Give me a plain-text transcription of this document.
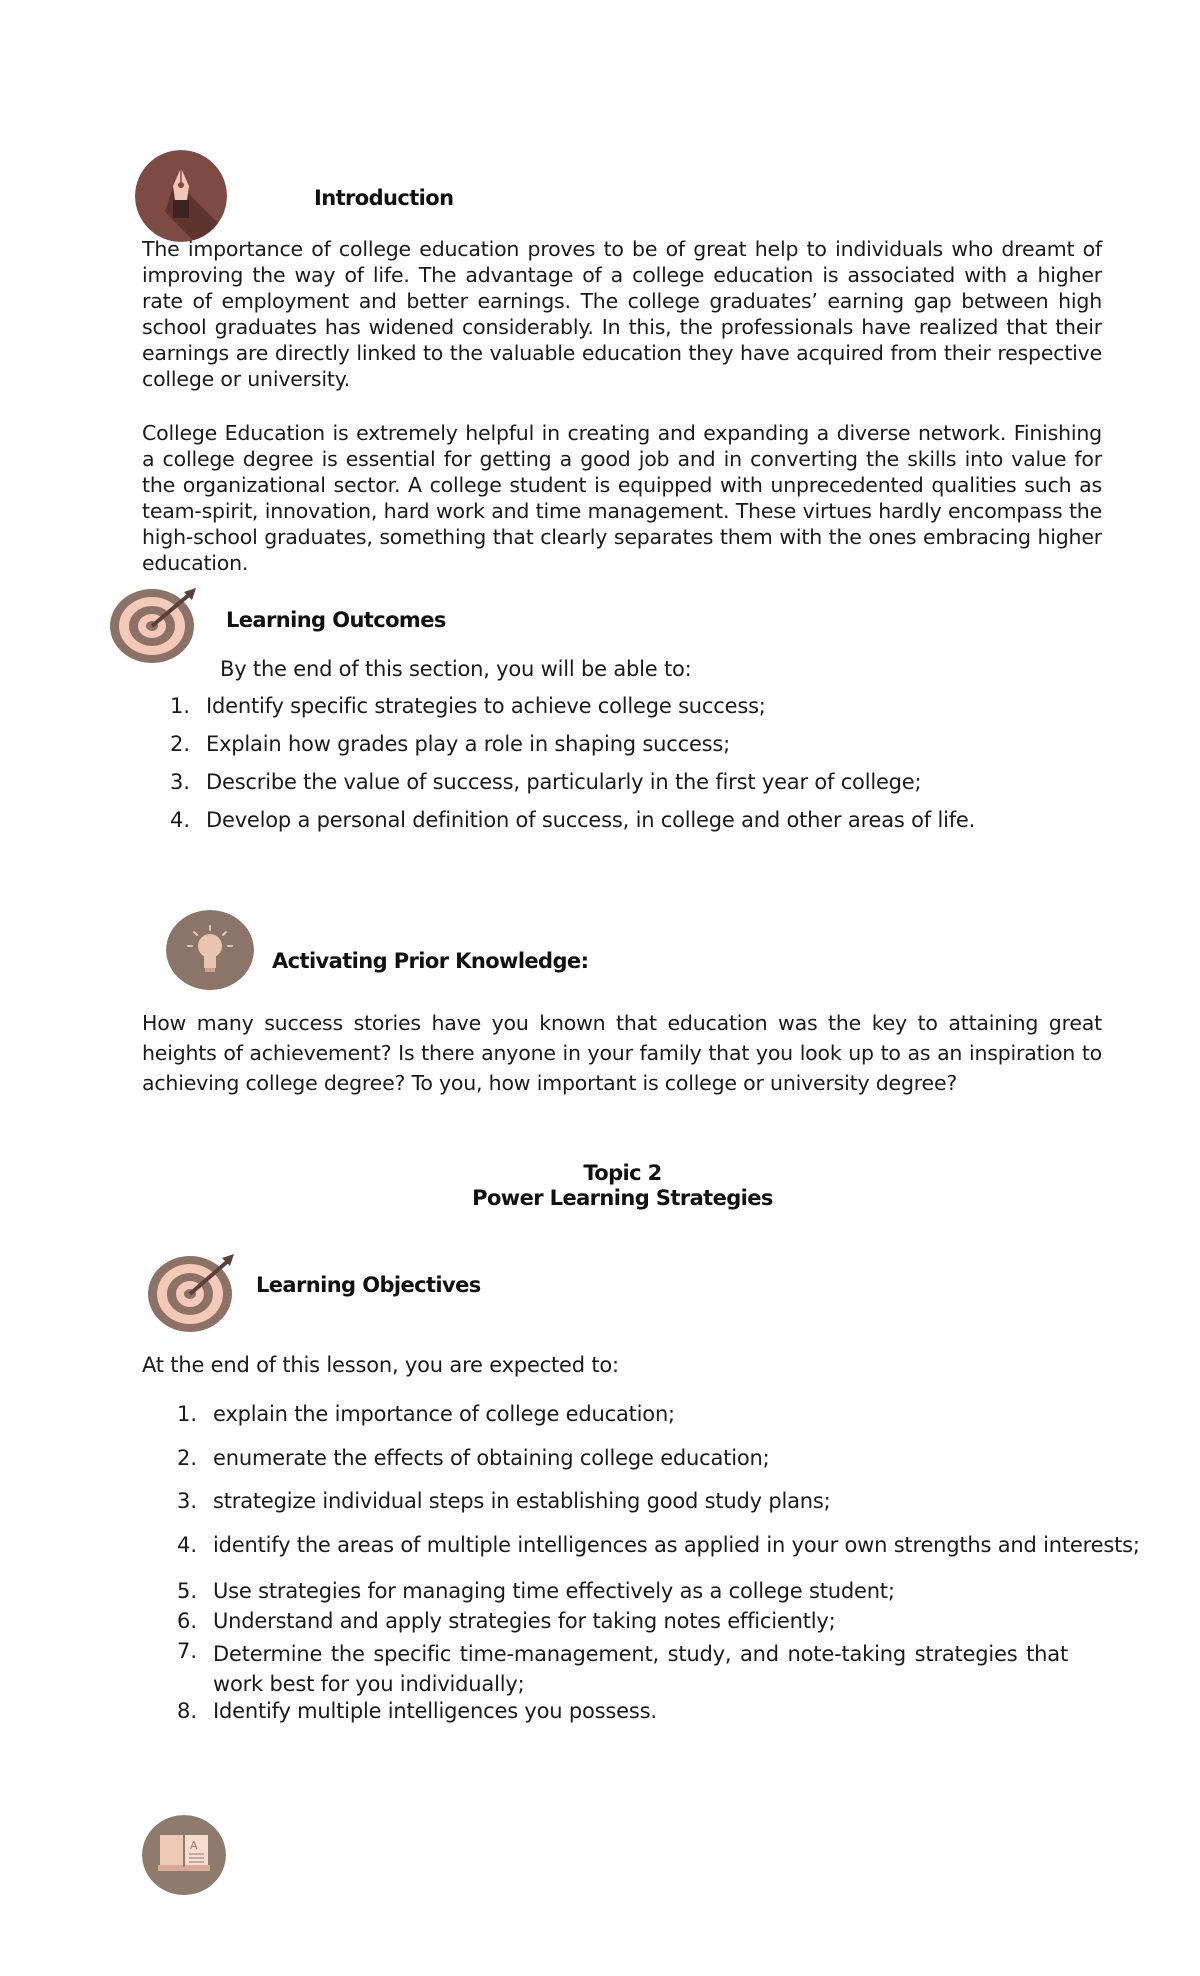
Introduction
The importance of college education proves to be of great help to individuals who dreamt of improving the way of life. The advantage of a college education is associated with a higher rate of employment and better earnings. The college graduates’ earning gap between high school graduates has widened considerably. In this, the professionals have realized that their earnings are directly linked to the valuable education they have acquired from their respective college or university.
College Education is extremely helpful in creating and expanding a diverse network. Finishing a college degree is essential for getting a good job and in converting the skills into value for the organizational sector. A college student is equipped with unprecedented qualities such as team-spirit, innovation, hard work and time management. These virtues hardly encompass the high-school graduates, something that clearly separates them with the ones embracing higher education.
Learning Outcomes
By the end of this section, you will be able to:
1. Identify specific strategies to achieve college success;
2. Explain how grades play a role in shaping success;
3. Describe the value of success, particularly in the first year of college;
4. Develop a personal definition of success, in college and other areas of life.
Activating Prior Knowledge:
How many success stories have you known that education was the key to attaining great heights of achievement? Is there anyone in your family that you look up to as an inspiration to achieving college degree? To you, how important is college or university degree?
Topic 2
Power Learning Strategies
Learning Objectives
At the end of this lesson, you are expected to:
1. explain the importance of college education;
2. enumerate the effects of obtaining college education;
3. strategize individual steps in establishing good study plans;
4. identify the areas of multiple intelligences as applied in your own strengths and interests;
5. Use strategies for managing time effectively as a college student;
6. Understand and apply strategies for taking notes efficiently;
7. Determine the specific time-management, study, and note-taking strategies that work best for you individually;
8. Identify multiple intelligences you possess.
A
